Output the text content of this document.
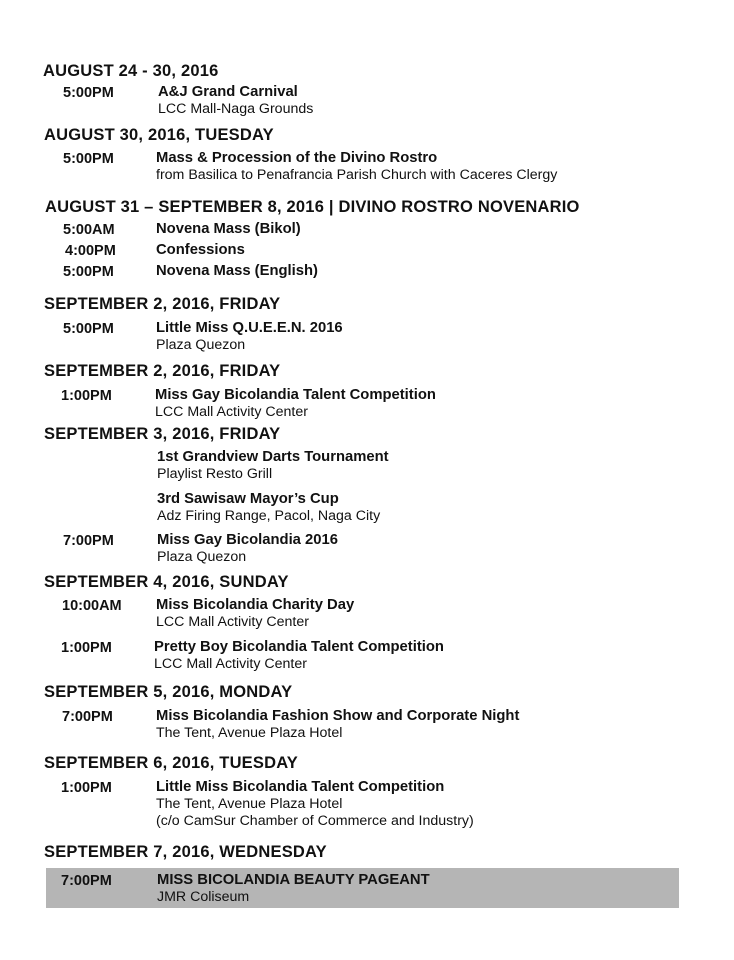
AUGUST 24 - 30, 2016
5:00PM	A&J Grand Carnival
LCC Mall-Naga Grounds
AUGUST 30, 2016, TUESDAY
5:00PM	Mass & Procession of the Divino Rostro
from Basilica to Penafrancia Parish Church with Caceres Clergy
AUGUST 31 – SEPTEMBER 8, 2016 | DIVINO ROSTRO NOVENARIO
5:00AM	Novena Mass (Bikol)
4:00PM	Confessions
5:00PM	Novena Mass (English)
SEPTEMBER 2, 2016, FRIDAY
5:00PM	Little Miss Q.U.E.E.N. 2016
Plaza Quezon
SEPTEMBER 2, 2016, FRIDAY
1:00PM	Miss Gay Bicolandia Talent Competition
LCC Mall Activity Center
SEPTEMBER 3, 2016, FRIDAY
1st Grandview Darts Tournament
Playlist Resto Grill
3rd Sawisaw Mayor’s Cup
Adz Firing Range, Pacol, Naga City
7:00PM	Miss Gay Bicolandia 2016
Plaza Quezon
SEPTEMBER 4, 2016, SUNDAY
10:00AM Miss Bicolandia Charity Day
LCC Mall Activity Center
1:00PM	Pretty Boy Bicolandia Talent Competition
LCC Mall Activity Center
SEPTEMBER 5, 2016, MONDAY
7:00PM	Miss Bicolandia Fashion Show and Corporate Night
The Tent, Avenue Plaza Hotel
SEPTEMBER 6, 2016, TUESDAY
1:00PM	Little Miss Bicolandia Talent Competition
The Tent, Avenue Plaza Hotel
(c/o CamSur Chamber of Commerce and Industry)
SEPTEMBER 7, 2016, WEDNESDAY
7:00PM	MISS BICOLANDIA BEAUTY PAGEANT
JMR Coliseum
